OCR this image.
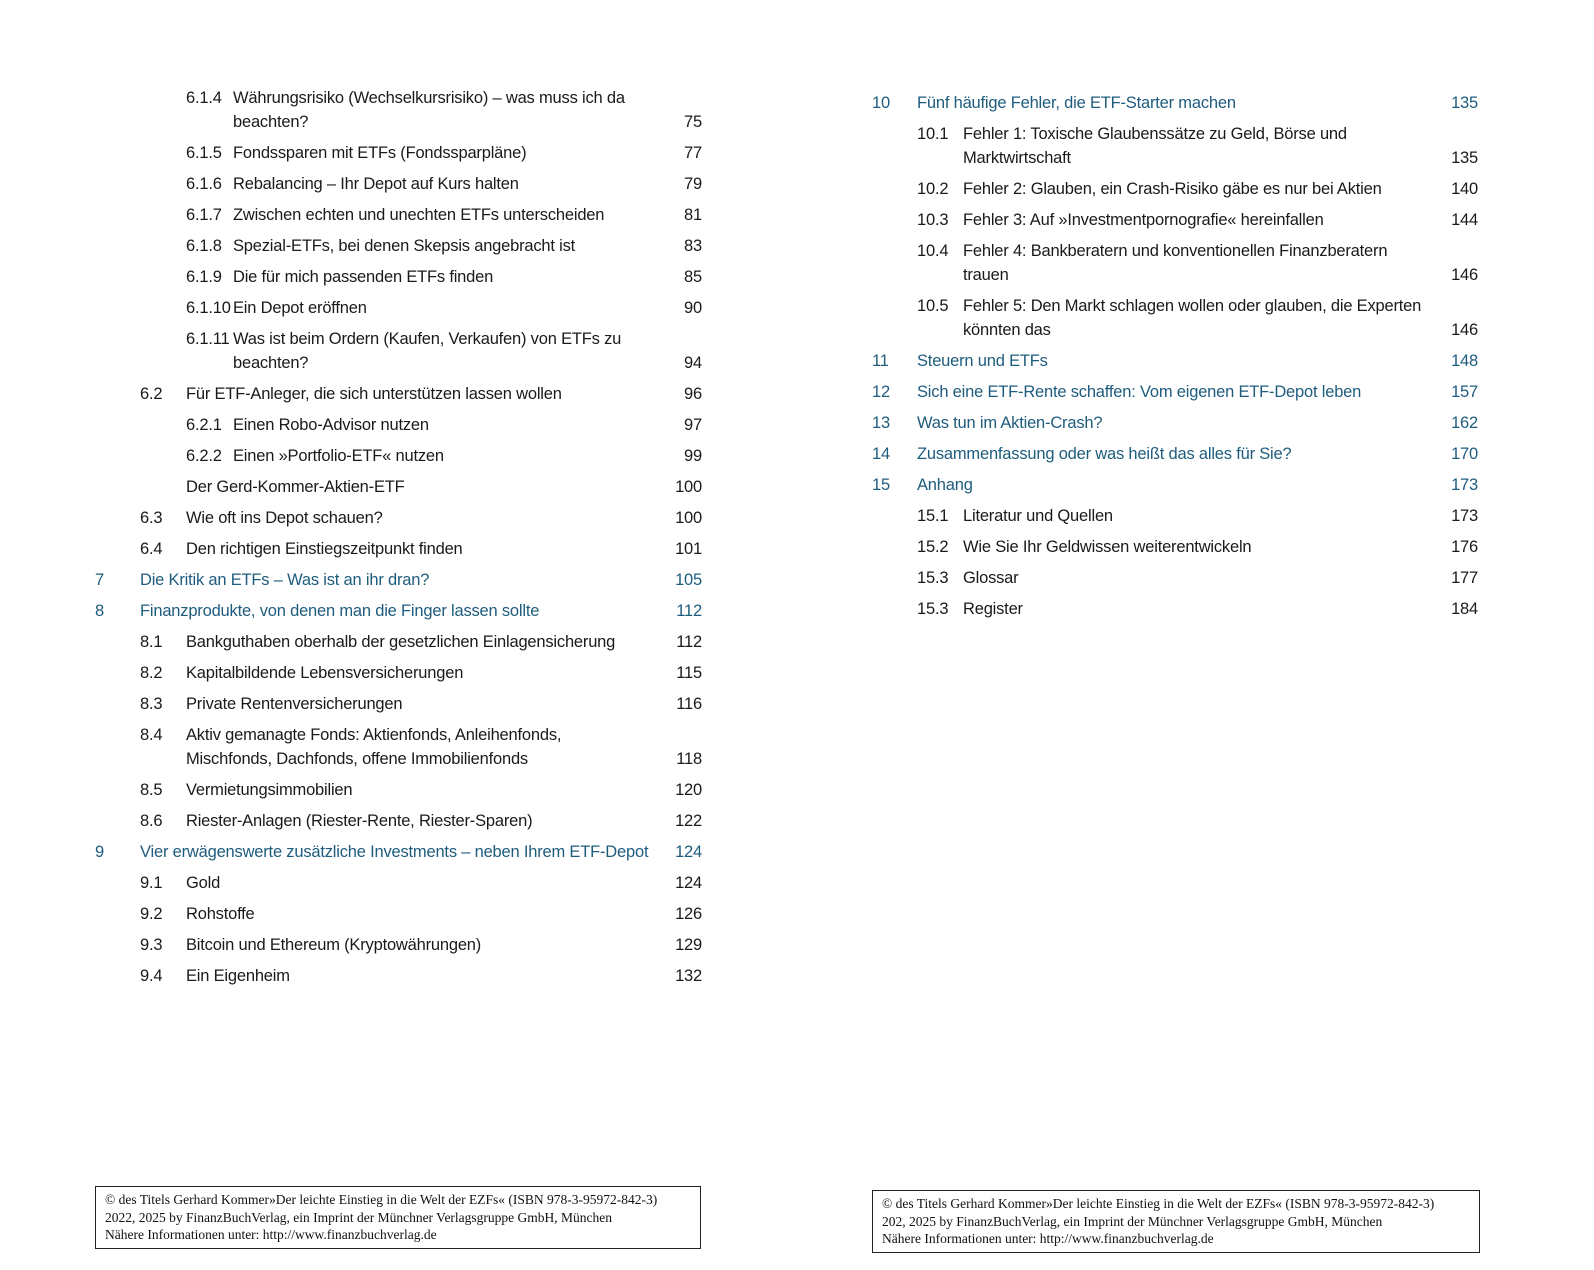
6.1.4 Währungsrisiko (Wechselkursrisiko) – was muss ich da beachten?	75
6.1.5 Fondssparen mit ETFs (Fondssparpläne)	77
6.1.6 Rebalancing – Ihr Depot auf Kurs halten	79
6.1.7 Zwischen echten und unechten ETFs unterscheiden	81
6.1.8 Spezial-ETFs, bei denen Skepsis angebracht ist	83
6.1.9 Die für mich passenden ETFs finden	85
6.1.10 Ein Depot eröffnen	90
6.1.11 Was ist beim Ordern (Kaufen, Verkaufen) von ETFs zu beachten?	94
6.2	Für ETF-Anleger, die sich unterstützen lassen wollen	96
6.2.1 Einen Robo-Advisor nutzen	97
6.2.2 Einen »Portfolio-ETF« nutzen	99
Der Gerd-Kommer-Aktien-ETF	100
6.3	Wie oft ins Depot schauen?	100
6.4	Den richtigen Einstiegszeitpunkt finden	101
7	Die Kritik an ETFs – Was ist an ihr dran?	105
8	Finanzprodukte, von denen man die Finger lassen sollte	112
8.1	Bankguthaben oberhalb der gesetzlichen Einlagensicherung	112
8.2	Kapitalbildende Lebensversicherungen	115
8.3	Private Rentenversicherungen	116
8.4	Aktiv gemanagte Fonds: Aktienfonds, Anleihenfonds, Mischfonds, Dachfonds, offene Immobilienfonds	118
8.5	Vermietungsimmobilien	120
8.6	Riester-Anlagen (Riester-Rente, Riester-Sparen)	122
9	Vier erwägenswerte zusätzliche Investments – neben Ihrem ETF-Depot	124
9.1	Gold	124
9.2	Rohstoffe	126
9.3	Bitcoin und Ethereum (Kryptowährungen)	129
9.4	Ein Eigenheim	132
10	Fünf häufige Fehler, die ETF-Starter machen	135
10.1 Fehler 1: Toxische Glaubenssätze zu Geld, Börse und Marktwirtschaft	135
10.2 Fehler 2: Glauben, ein Crash-Risiko gäbe es nur bei Aktien	140
10.3 Fehler 3: Auf »Investmentpornografie« hereinfallen	144
10.4 Fehler 4: Bankberatern und konventionellen Finanzberatern trauen	146
10.5 Fehler 5: Den Markt schlagen wollen oder glauben, die Experten könnten das	146
11	Steuern und ETFs	148
12	Sich eine ETF-Rente schaffen: Vom eigenen ETF-Depot leben	157
13	Was tun im Aktien-Crash?	162
14	Zusammenfassung oder was heißt das alles für Sie?	170
15	Anhang	173
15.1 Literatur und Quellen	173
15.2 Wie Sie Ihr Geldwissen weiterentwickeln	176
15.3 Glossar	177
15.3 Register	184
© des Titels Gerhard Kommer»Der leichte Einstieg in die Welt der EZFs« (ISBN 978-3-95972-842-3)
2022, 2025 by FinanzBuchVerlag, ein Imprint der Münchner Verlagsgruppe GmbH, München
Nähere Informationen unter: http://www.finanzbuchverlag.de
© des Titels Gerhard Kommer»Der leichte Einstieg in die Welt der EZFs« (ISBN 978-3-95972-842-3)
202, 2025 by FinanzBuchVerlag, ein Imprint der Münchner Verlagsgruppe GmbH, München
Nähere Informationen unter: http://www.finanzbuchverlag.de
